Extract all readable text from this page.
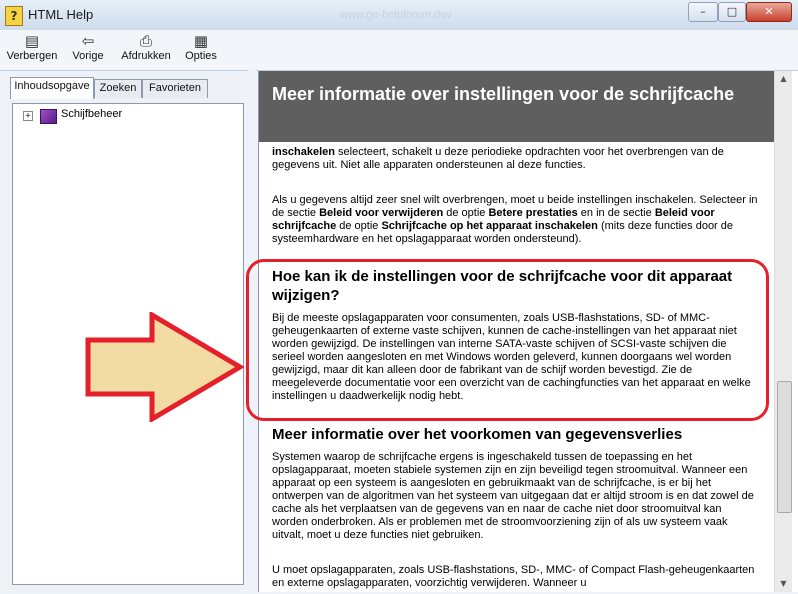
? HTML Help	www.ge-helpforum.dev	–	□	✕
▤
Verbergen
⇦
Vorige
⎙
Afdrukken
▦
Opties
Inhoudsopgave Zoeken	Favorieten
+	Schijfbeheer
Meer informatie over instellingen voor de schrijfcache

inschakelen selecteert, schakelt u deze periodieke opdrachten voor het overbrengen van de gegevens uit. Niet alle apparaten ondersteunen al deze functies.

Als u gegevens altijd zeer snel wilt overbrengen, moet u beide instellingen inschakelen. Selecteer in de sectie Beleid voor verwijderen de optie Betere prestaties en in de sectie Beleid voor schrijfcache de optie Schrijfcache op het apparaat inschakelen (mits deze functies door de systeemhardware en het opslagapparaat worden ondersteund).

Hoe kan ik de instellingen voor de schrijfcache voor dit apparaat wijzigen?

Bij de meeste opslagapparaten voor consumenten, zoals USB-flashstations, SD- of MMC-geheugenkaarten of externe vaste schijven, kunnen de cache-instellingen van het apparaat niet worden gewijzigd. De instellingen van interne SATA-vaste schijven of SCSI-vaste schijven die serieel worden aangesloten en met Windows worden geleverd, kunnen doorgaans wel worden gewijzigd, maar dit kan alleen door de fabrikant van de schijf worden bevestigd. Zie de meegeleverde documentatie voor een overzicht van de cachingfuncties van het apparaat en welke instellingen u daadwerkelijk nodig hebt.

Meer informatie over het voorkomen van gegevensverlies

Systemen waarop de schrijfcache ergens is ingeschakeld tussen de toepassing en het opslagapparaat, moeten stabiele systemen zijn en zijn beveiligd tegen stroomuitval. Wanneer een apparaat op een systeem is aangesloten en gebruikmaakt van de schrijfcache, is er bij het ontwerpen van de algoritmen van het systeem van uitgegaan dat er altijd stroom is en dat zowel de cache als het verplaatsen van de gegevens van en naar de cache niet door stroomuitval kan worden onderbroken. Als er problemen met de stroomvoorziening zijn of als uw systeem vaak uitvalt, moet u deze functies niet gebruiken.

U moet opslagapparaten, zoals USB-flashstations, SD-, MMC- of Compact Flash-geheugenkaarten en externe opslagapparaten, voorzichtig verwijderen. Wanneer u

▲
▼
